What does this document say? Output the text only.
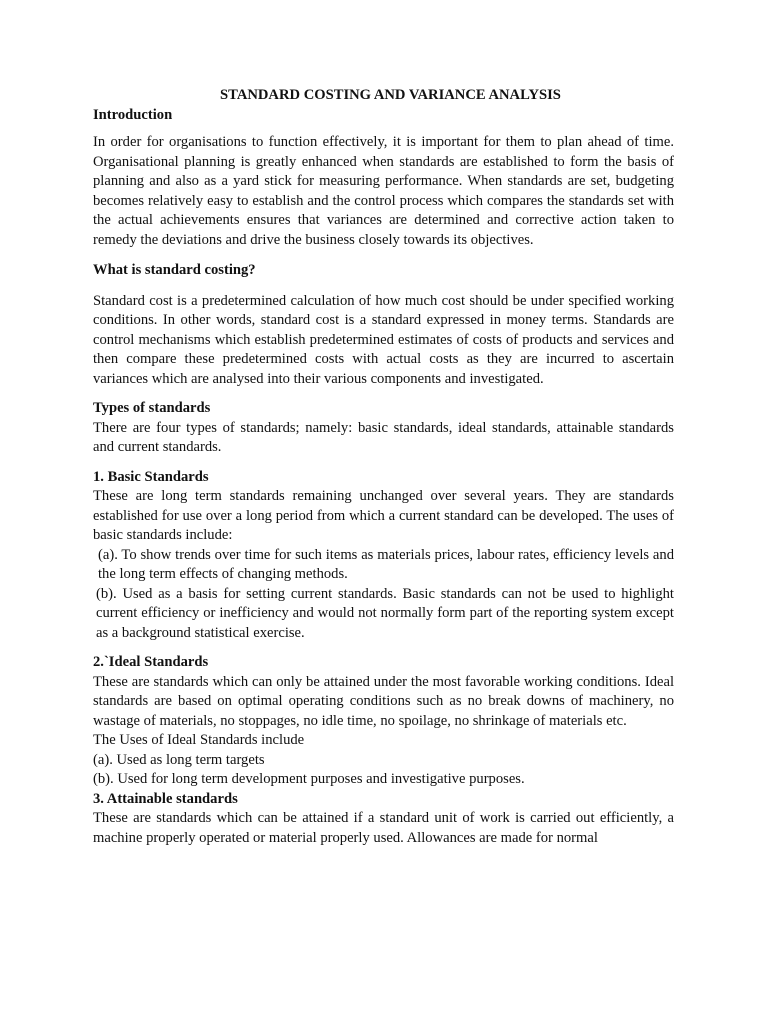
STANDARD COSTING AND VARIANCE ANALYSIS
Introduction

In order for organisations to function effectively, it is important for them to plan ahead of time. Organisational planning is greatly enhanced when standards are established to form the basis of planning and also as a yard stick for measuring performance. When standards are set, budgeting becomes relatively easy to establish and the control process which compares the standards set with the actual achievements ensures that variances are determined and corrective action taken to remedy the deviations and drive the business closely towards its objectives.

What is standard costing?

Standard cost is a predetermined calculation of how much cost should be under specified working conditions. In other words, standard cost is a standard expressed in money terms. Standards are control mechanisms which establish predetermined estimates of costs of products and services and then compare these predetermined costs with actual costs as they are incurred to ascertain variances which are analysed into their various components and investigated.

Types of standards

There are four types of standards; namely: basic standards, ideal standards, attainable standards and current standards.

1. Basic Standards

These are long term standards remaining unchanged over several years. They are standards established for use over a long period from which a current standard can be developed. The uses of basic standards include:

(a). To show trends over time for such items as materials prices, labour rates, efficiency levels and the long term effects of changing methods.

(b). Used as a basis for setting current standards. Basic standards can not be used to highlight current efficiency or inefficiency and would not normally form part of the reporting system except as a background statistical exercise.

2.`Ideal Standards

These are standards which can only be attained under the most favorable working conditions. Ideal standards are based on optimal operating conditions such as no break downs of machinery, no wastage of materials, no stoppages, no idle time, no spoilage, no shrinkage of materials etc.

The Uses of Ideal Standards include

(a). Used as long term targets

(b). Used for long term development purposes and investigative purposes.

3. Attainable standards

These are standards which can be attained if a standard unit of work is carried out efficiently, a machine properly operated or material properly used. Allowances are made for normal
